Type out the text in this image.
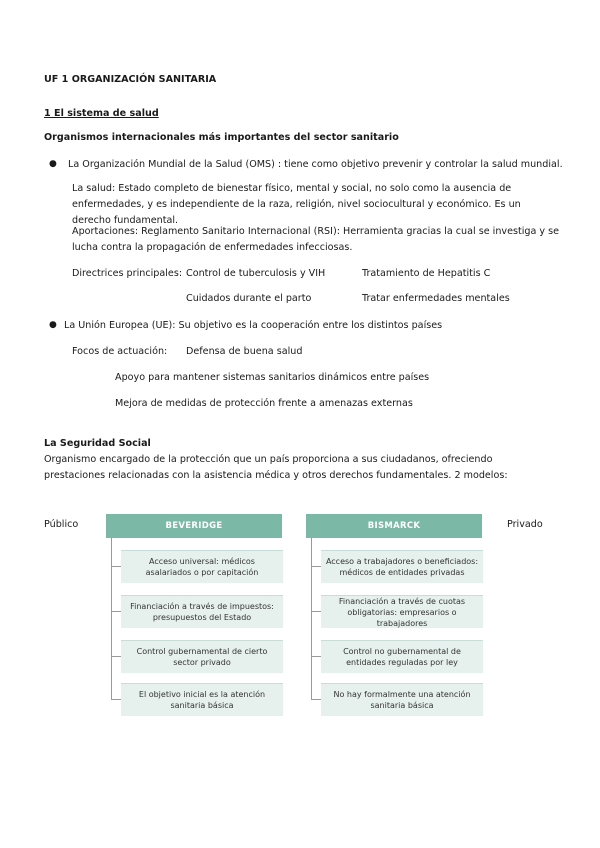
UF 1 ORGANIZACIÓN SANITARIA
1 El sistema de salud
Organismos internacionales más importantes del sector sanitario
● La Organización Mundial de la Salud (OMS) : tiene como objetivo prevenir y controlar la salud mundial.
La salud: Estado completo de bienestar físico, mental y social, no solo como la ausencia de enfermedades, y es independiente de la raza, religión, nivel sociocultural y económico. Es un derecho fundamental.
Aportaciones: Reglamento Sanitario Internacional (RSI): Herramienta gracias la cual se investiga y se lucha contra la propagación de enfermedades infecciosas.
Directrices principales: Control de tuberculosis y VIH	Tratamiento de Hepatitis C
Cuidados durante el parto	Tratar enfermedades mentales
● La Unión Europea (UE): Su objetivo es la cooperación entre los distintos países
Focos de actuación: Defensa de buena salud
Apoyo para mantener sistemas sanitarios dinámicos entre países
Mejora de medidas de protección frente a amenazas externas
La Seguridad Social
Organismo encargado de la protección que un país proporciona a sus ciudadanos, ofreciendo prestaciones relacionadas con la asistencia médica y otros derechos fundamentales. 2 modelos:
Público	Privado
BEVERIDGE
Acceso universal: médicos asalariados o por capitación
Financiación a través de impuestos: presupuestos del Estado
Control gubernamental de cierto sector privado
El objetivo inicial es la atención sanitaria básica
BISMARCK
Acceso a trabajadores o beneficiados: médicos de entidades privadas
Financiación a través de cuotas obligatorias: empresarios o trabajadores
Control no gubernamental de entidades reguladas por ley
No hay formalmente una atención sanitaria básica
